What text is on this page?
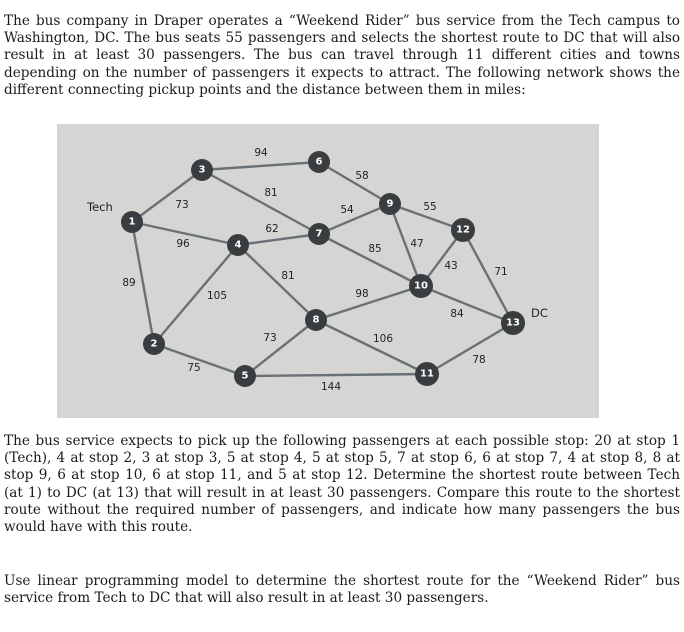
The bus company in Draper operates a “Weekend Rider” bus service from the Tech campus to Washington, DC. The bus seats 55 passengers and selects the shortest route to DC that will also result in at least 30 passengers. The bus can travel through 11 different cities and towns depending on the number of passengers it expects to attract. The following network shows the different connecting pickup points and the distance between them in miles:

73
96
89
94
81
62
81
105
75
73
144
58
54
85
55
47
98
106
43	71
84
78
1
2
3
4
5
6
7
8
9
10
11
12
13
Tech
DC

The bus service expects to pick up the following passengers at each possible stop: 20 at stop 1 (Tech), 4 at stop 2, 3 at stop 3, 5 at stop 4, 5 at stop 5, 7 at stop 6, 6 at stop 7, 4 at stop 8, 8 at stop 9, 6 at stop 10, 6 at stop 11, and 5 at stop 12. Determine the shortest route between Tech (at 1) to DC (at 13) that will result in at least 30 passengers. Compare this route to the shortest route without the required number of passengers, and indicate how many passengers the bus would have with this route.

Use linear programming model to determine the shortest route for the “Weekend Rider” bus service from Tech to DC that will also result in at least 30 passengers.
